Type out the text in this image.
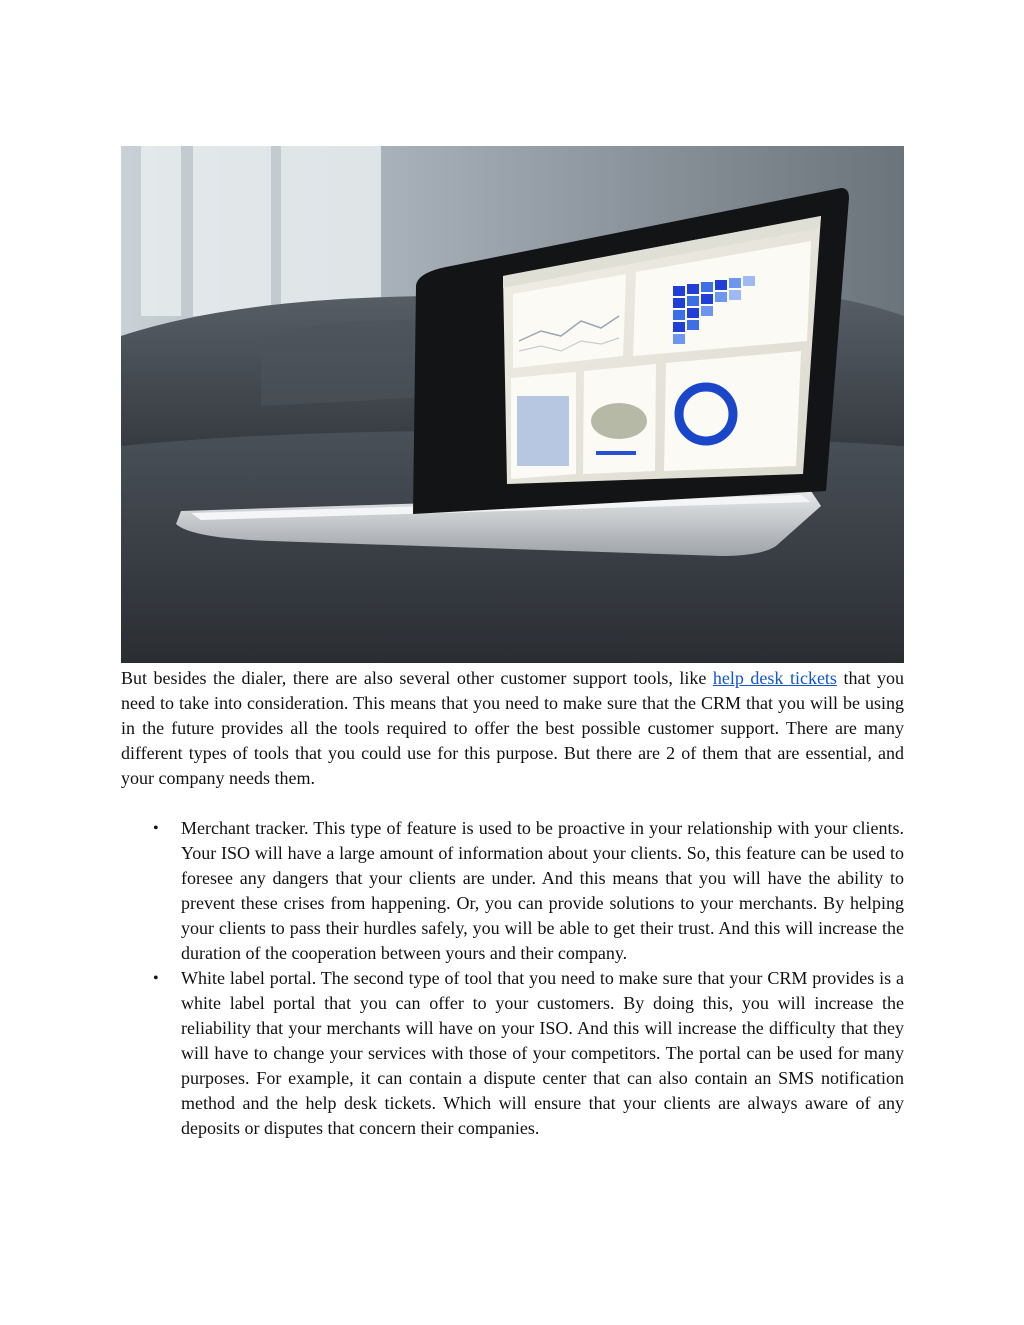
But besides the dialer, there are also several other customer support tools, like help desk tickets that you need to take into consideration. This means that you need to make sure that the CRM that you will be using in the future provides all the tools required to offer the best possible customer support. There are many different types of tools that you could use for this purpose. But there are 2 of them that are essential, and your company needs them.

• Merchant tracker. This type of feature is used to be proactive in your relationship with your clients. Your ISO will have a large amount of information about your clients. So, this feature can be used to foresee any dangers that your clients are under. And this means that you will have the ability to prevent these crises from happening. Or, you can provide solutions to your merchants. By helping your clients to pass their hurdles safely, you will be able to get their trust. And this will increase the duration of the cooperation between yours and their company.
• White label portal. The second type of tool that you need to make sure that your CRM provides is a white label portal that you can offer to your customers. By doing this, you will increase the reliability that your merchants will have on your ISO. And this will increase the difficulty that they will have to change your services with those of your competitors. The portal can be used for many purposes. For example, it can contain a dispute center that can also contain an SMS notification method and the help desk tickets. Which will ensure that your clients are always aware of any deposits or disputes that concern their companies.
